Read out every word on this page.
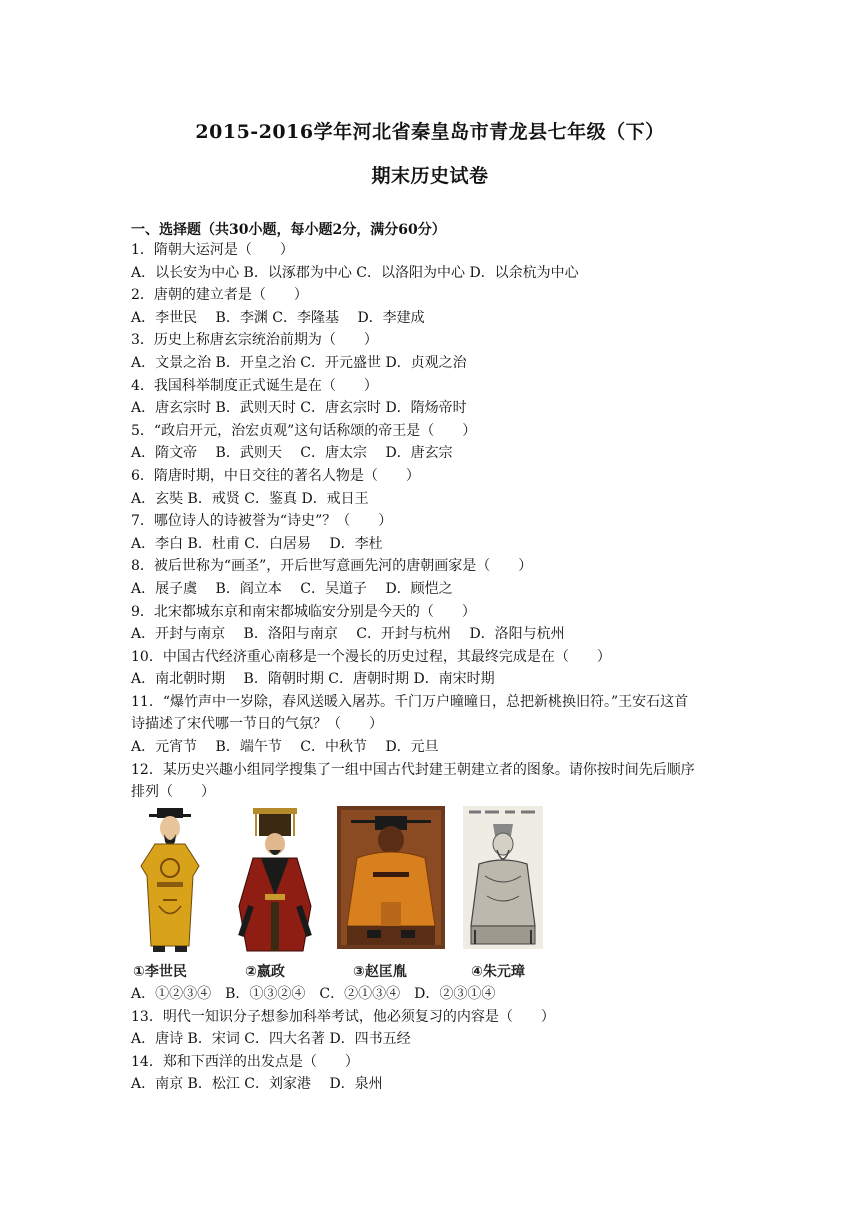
2015-2016学年河北省秦皇岛市青龙县七年级（下）
期末历史试卷
一、选择题（共30小题，每小题2分，满分60分）
1．隋朝大运河是（　　）
A．以长安为中心 B．以涿郡为中心 C．以洛阳为中心 D．以余杭为中心
2．唐朝的建立者是（　　）
A．李世民　 B．李渊 C．李隆基　 D．李建成
3．历史上称唐玄宗统治前期为（　　）
A．文景之治 B．开皇之治 C．开元盛世 D．贞观之治
4．我国科举制度正式诞生是在（　　）
A．唐玄宗时 B．武则天时 C．唐玄宗时 D．隋炀帝时
5．“政启开元，治宏贞观”这句话称颂的帝王是（　　）
A．隋文帝　 B．武则天　 C．唐太宗　 D．唐玄宗
6．隋唐时期，中日交往的著名人物是（　　）
A．玄奘 B．戒贤 C．鉴真 D．戒日王
7．哪位诗人的诗被誉为“诗史”？（　　）
A．李白 B．杜甫 C．白居易　 D．李杜
8．被后世称为“画圣”，开后世写意画先河的唐朝画家是（　　）
A．展子虞　 B．阎立本　 C．吴道子　 D．顾恺之
9．北宋都城东京和南宋都城临安分别是今天的（　　）
A．开封与南京　 B．洛阳与南京　 C．开封与杭州　 D．洛阳与杭州
10．中国古代经济重心南移是一个漫长的历史过程，其最终完成是在（　　）
A．南北朝时期　 B．隋朝时期 C．唐朝时期 D．南宋时期
11．“爆竹声中一岁除，春风送暖入屠苏。千门万户曈曈日，总把新桃换旧符。”王安石这首
诗描述了宋代哪一节日的气氛？（　　）
A．元宵节　 B．端午节　 C．中秋节　 D．元旦
12．某历史兴趣小组同学搜集了一组中国古代封建王朝建立者的图象。请你按时间先后顺序
排列（　　）
①李世民	②嬴政	③赵匡胤	④朱元璋
A．①②③④　B．①③②④　C．②①③④　D．②③①④
13．明代一知识分子想参加科举考试，他必须复习的内容是（　　）
A．唐诗 B．宋词 C．四大名著 D．四书五经
14．郑和下西洋的出发点是（　　）
A．南京 B．松江 C．刘家港　 D．泉州
